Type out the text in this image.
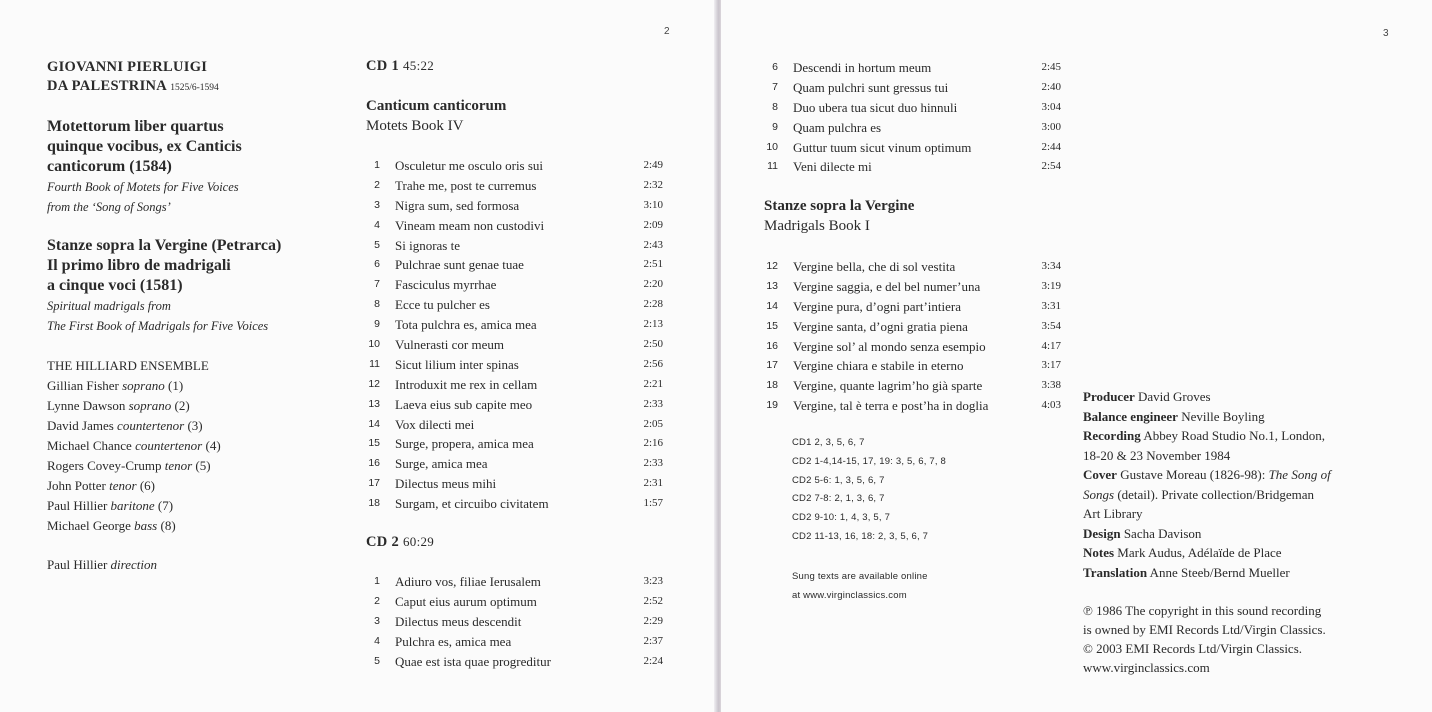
2
GIOVANNI PIERLUIGI
DA PALESTRINA 1525/6-1594
Motettorum liber quartus
quinque vocibus, ex Canticis
canticorum (1584)
Fourth Book of Motets for Five Voices
from the ‘Song of Songs’
Stanze sopra la Vergine (Petrarca)
Il primo libro de madrigali
a cinque voci (1581)
Spiritual madrigals from
The First Book of Madrigals for Five Voices
THE HILLIARD ENSEMBLE
Gillian Fisher soprano (1)
Lynne Dawson soprano (2)
David James countertenor (3)
Michael Chance countertenor (4)
Rogers Covey-Crump tenor (5)
John Potter tenor (6)
Paul Hillier baritone (7)
Michael George bass (8)
Paul Hillier direction
CD 1 45:22
Canticum canticorum
Motets Book IV
1 Osculetur me osculo oris sui	2:49
2 Trahe me, post te curremus	2:32
3 Nigra sum, sed formosa	3:10
4 Vineam meam non custodivi	2:09
5 Si ignoras te	2:43
6 Pulchrae sunt genae tuae	2:51
7 Fasciculus myrrhae	2:20
8 Ecce tu pulcher es	2:28
9 Tota pulchra es, amica mea	2:13
10 Vulnerasti cor meum	2:50
11 Sicut lilium inter spinas	2:56
12 Introduxit me rex in cellam	2:21
13 Laeva eius sub capite meo	2:33
14 Vox dilecti mei	2:05
15 Surge, propera, amica mea	2:16
16 Surge, amica mea	2:33
17 Dilectus meus mihi	2:31
18 Surgam, et circuibo civitatem	1:57
CD 2 60:29
1 Adiuro vos, filiae Ierusalem	3:23
2 Caput eius aurum optimum	2:52
3 Dilectus meus descendit	2:29
4 Pulchra es, amica mea	2:37
5 Quae est ista quae progreditur	2:24
3
6 Descendi in hortum meum	2:45
7 Quam pulchri sunt gressus tui	2:40
8 Duo ubera tua sicut duo hinnuli	3:04
9 Quam pulchra es	3:00
10 Guttur tuum sicut vinum optimum	2:44
11 Veni dilecte mi	2:54
Stanze sopra la Vergine
Madrigals Book I
12 Vergine bella, che di sol vestita	3:34
13 Vergine saggia, e del bel numer’una	3:19
14 Vergine pura, d’ogni part’intiera	3:31
15 Vergine santa, d’ogni gratia piena	3:54
16 Vergine sol’ al mondo senza esempio	4:17
17 Vergine chiara e stabile in eterno	3:17
18 Vergine, quante lagrim’ho già sparte	3:38
19 Vergine, tal è terra e post’ha in doglia	4:03
CD1 2, 3, 5, 6, 7
CD2 1-4,14-15, 17, 19: 3, 5, 6, 7, 8
CD2 5-6: 1, 3, 5, 6, 7
CD2 7-8: 2, 1, 3, 6, 7
CD2 9-10: 1, 4, 3, 5, 7
CD2 11-13, 16, 18: 2, 3, 5, 6, 7
Sung texts are available online
at www.virginclassics.com
Producer David Groves
Balance engineer Neville Boyling
Recording Abbey Road Studio No.1, London,
18-20 & 23 November 1984
Cover Gustave Moreau (1826-98): The Song of
Songs (detail). Private collection/Bridgeman
Art Library
Design Sacha Davison
Notes Mark Audus, Adélaïde de Place
Translation Anne Steeb/Bernd Mueller
℗ 1986 The copyright in this sound recording
is owned by EMI Records Ltd/Virgin Classics.
© 2003 EMI Records Ltd/Virgin Classics.
www.virginclassics.com
